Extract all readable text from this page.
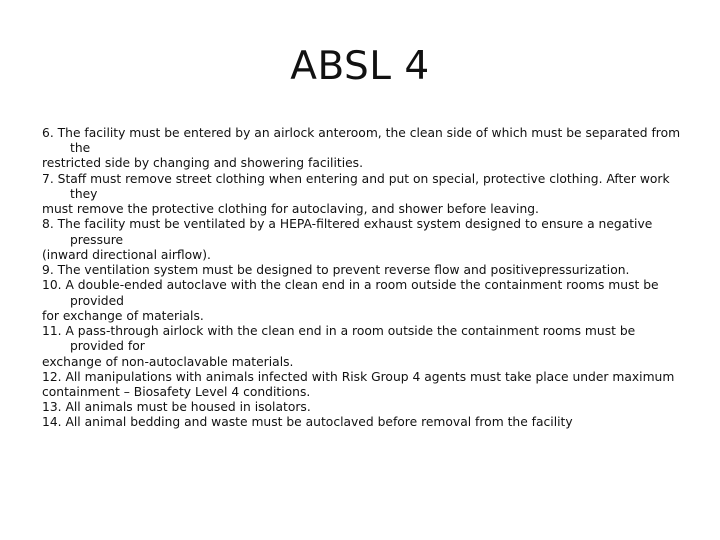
ABSL 4
6. The facility must be entered by an airlock anteroom, the clean side of which must be separated from
the
restricted side by changing and showering facilities.
7. Staff must remove street clothing when entering and put on special, protective clothing. After work
they
must remove the protective clothing for autoclaving, and shower before leaving.
8. The facility must be ventilated by a HEPA-filtered exhaust system designed to ensure a negative
pressure
(inward directional airflow).
9. The ventilation system must be designed to prevent reverse flow and positivepressurization.
10. A double-ended autoclave with the clean end in a room outside the containment rooms must be
provided
for exchange of materials.
11. A pass-through airlock with the clean end in a room outside the containment rooms must be
provided for
exchange of non-autoclavable materials.
12. All manipulations with animals infected with Risk Group 4 agents must take place under maximum
containment – Biosafety Level 4 conditions.
13. All animals must be housed in isolators.
14. All animal bedding and waste must be autoclaved before removal from the facility
